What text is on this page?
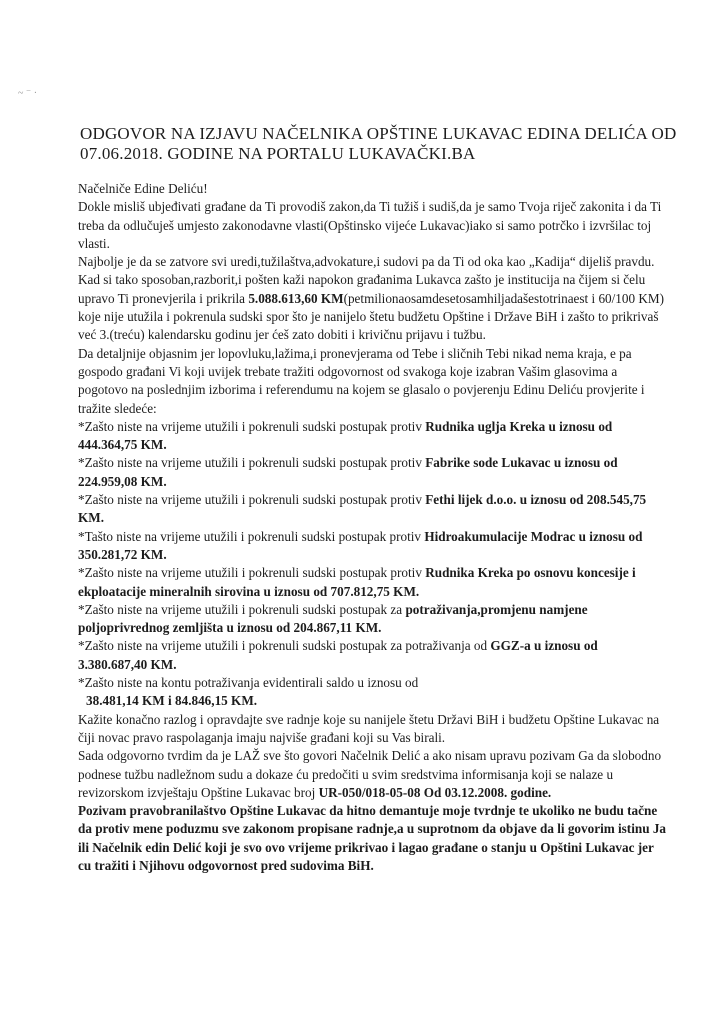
~ ⁻ ·
ODGOVOR NA IZJAVU NAČELNIKA OPŠTINE LUKAVAC EDINA DELIĆA OD 07.06.2018. GODINE NA PORTALU LUKAVAČKI.BA

Načelniče Edine Deliću!

Dokle misliš ubjeđivati građane da Ti provodiš zakon,da Ti tužiš i sudiš,da je samo Tvoja riječ zakonita i da Ti treba da odlučuješ umjesto zakonodavne vlasti(Opštinsko vijeće Lukavac)iako si samo potrčko i izvršilac toj vlasti.

Najbolje je da se zatvore svi uredi,tužilaštva,advokature,i sudovi pa da Ti od oka kao „Kadija“ dijeliš pravdu.

Kad si tako sposoban,razborit,i pošten kaži napokon građanima Lukavca zašto je institucija na čijem si čelu upravo Ti pronevjerila i prikrila 5.088.613,60 KM(petmilionaosamdesetosamhiljadašestotrinaest i 60/100 KM) koje nije utužila i pokrenula sudski spor što je nanijelo štetu budžetu Opštine i Države BiH i zašto to prikrivaš već 3.(treću) kalendarsku godinu jer ćeš zato dobiti i krivičnu prijavu i tužbu.

Da detaljnije objasnim jer lopovluku,lažima,i pronevjerama od Tebe i sličnih Tebi nikad nema kraja, e pa gospodo građani Vi koji uvijek trebate tražiti odgovornost od svakoga koje izabran Vašim glasovima a pogotovo na poslednjim izborima i referendumu na kojem se glasalo o povjerenju Edinu Deliću provjerite i tražite sledeće:

*Zašto niste na vrijeme utužili i pokrenuli sudski postupak protiv Rudnika uglja Kreka u iznosu od 444.364,75 KM.

*Zašto niste na vrijeme utužili i pokrenuli sudski postupak protiv Fabrike sode Lukavac u iznosu od 224.959,08 KM.

*Zašto niste na vrijeme utužili i pokrenuli sudski postupak protiv Fethi lijek d.o.o. u iznosu od 208.545,75 KM.

*Tašto niste na vrijeme utužili i pokrenuli sudski postupak protiv Hidroakumulacije Modrac u iznosu od 350.281,72 KM.

*Zašto niste na vrijeme utužili i pokrenuli sudski postupak protiv Rudnika Kreka po osnovu koncesije i ekploatacije mineralnih sirovina u iznosu od 707.812,75 KM.

*Zašto niste na vrijeme utužili i pokrenuli sudski postupak za potraživanja,promjenu namjene poljoprivrednog zemljišta u iznosu od 204.867,11 KM.

*Zašto niste na vrijeme utužili i pokrenuli sudski postupak za potraživanja od GGZ-a u iznosu od 3.380.687,40 KM.

*Zašto niste na kontu potraživanja evidentirali saldo u iznosu od
38.481,14 KM i 84.846,15 KM.

Kažite konačno razlog i opravdajte sve radnje koje su nanijele štetu Državi BiH i budžetu Opštine Lukavac na čiji novac pravo raspolaganja imaju najviše građani koji su Vas birali.

Sada odgovorno tvrdim da je LAŽ sve što govori Načelnik Delić a ako nisam upravu pozivam Ga da slobodno podnese tužbu nadležnom sudu a dokaze ću predočiti u svim sredstvima informisanja koji se nalaze u revizorskom izvještaju Opštine Lukavac broj UR-050/018-05-08 Od 03.12.2008. godine.

Pozivam pravobranilaštvo Opštine Lukavac da hitno demantuje moje tvrdnje te ukoliko ne budu tačne da protiv mene poduzmu sve zakonom propisane radnje,a u suprotnom da objave da li govorim istinu Ja ili Načelnik edin Delić koji je svo ovo vrijeme prikrivao i lagao građane o stanju u Opštini Lukavac jer cu tražiti i Njihovu odgovornost pred sudovima BiH.
